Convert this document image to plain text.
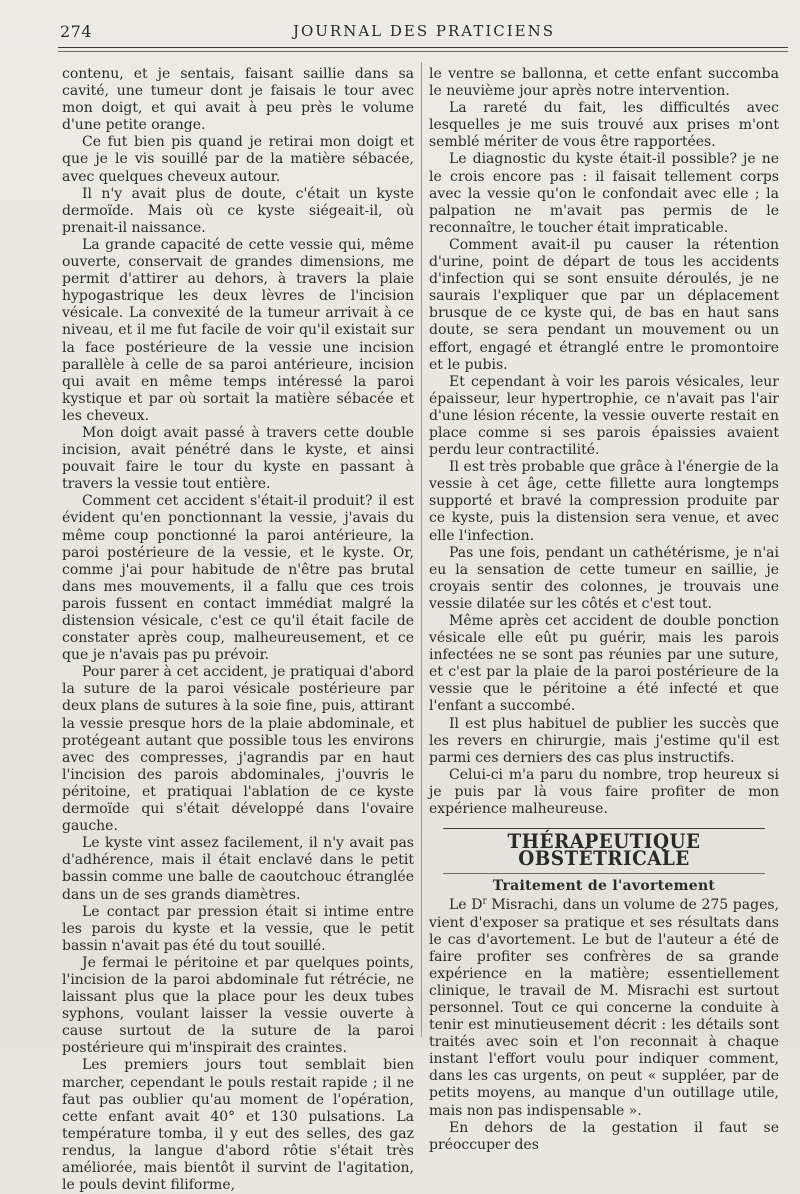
274	JOURNAL DES PRATICIENS

contenu, et je sentais, faisant saillie dans sa cavité, une tumeur dont je faisais le tour avec mon doigt, et qui avait à peu près le volume d'une petite orange.

Ce fut bien pis quand je retirai mon doigt et que je le vis souillé par de la matière sébacée, avec quelques cheveux autour.

Il n'y avait plus de doute, c'était un kyste dermoïde. Mais où ce kyste siégeait-il, où prenait-il naissance.

La grande capacité de cette vessie qui, même ouverte, conservait de grandes dimensions, me permit d'attirer au dehors, à travers la plaie hypogastrique les deux lèvres de l'incision vésicale. La convexité de la tumeur arrivait à ce niveau, et il me fut facile de voir qu'il existait sur la face postérieure de la vessie une incision parallèle à celle de sa paroi antérieure, incision qui avait en même temps intéressé la paroi kystique et par où sortait la matière sébacée et les cheveux.

Mon doigt avait passé à travers cette double incision, avait pénétré dans le kyste, et ainsi pouvait faire le tour du kyste en passant à travers la vessie tout entière.

Comment cet accident s'était-il produit? il est évident qu'en ponctionnant la vessie, j'avais du même coup ponctionné la paroi antérieure, la paroi postérieure de la vessie, et le kyste. Or, comme j'ai pour habitude de n'être pas brutal dans mes mouvements, il a fallu que ces trois parois fussent en contact immédiat malgré la distension vésicale, c'est ce qu'il était facile de constater après coup, malheureusement, et ce que je n'avais pas pu prévoir.

Pour parer à cet accident, je pratiquai d'abord la suture de la paroi vésicale postérieure par deux plans de sutures à la soie fine, puis, attirant la vessie presque hors de la plaie abdominale, et protégeant autant que possible tous les environs avec des compresses, j'agrandis par en haut l'incision des parois abdominales, j'ouvris le péritoine, et pratiquai l'ablation de ce kyste dermoïde qui s'était développé dans l'ovaire gauche.

Le kyste vint assez facilement, il n'y avait pas d'adhérence, mais il était enclavé dans le petit bassin comme une balle de caoutchouc étranglée dans un de ses grands diamètres.

Le contact par pression était si intime entre les parois du kyste et la vessie, que le petit bassin n'avait pas été du tout souillé.

Je fermai le péritoine et par quelques points, l'incision de la paroi abdominale fut rétrécie, ne laissant plus que la place pour les deux tubes syphons, voulant laisser la vessie ouverte à cause surtout de la suture de la paroi postérieure qui m'inspirait des craintes.

Les premiers jours tout semblait bien marcher, cependant le pouls restait rapide ; il ne faut pas oublier qu'au moment de l'opération, cette enfant avait 40° et 130 pulsations. La température tomba, il y eut des selles, des gaz rendus, la langue d'abord rôtie s'était très améliorée, mais bientôt il survint de l'agitation, le pouls devint filiforme,

le ventre se ballonna, et cette enfant succomba le neuvième jour après notre intervention.

La rareté du fait, les difficultés avec lesquelles je me suis trouvé aux prises m'ont semblé mériter de vous être rapportées.

Le diagnostic du kyste était-il possible? je ne le crois encore pas : il faisait tellement corps avec la vessie qu'on le confondait avec elle ; la palpation ne m'avait pas permis de le reconnaître, le toucher était impraticable.

Comment avait-il pu causer la rétention d'urine, point de départ de tous les accidents d'infection qui se sont ensuite déroulés, je ne saurais l'expliquer que par un déplacement brusque de ce kyste qui, de bas en haut sans doute, se sera pendant un mouvement ou un effort, engagé et étranglé entre le promontoire et le pubis.

Et cependant à voir les parois vésicales, leur épaisseur, leur hypertrophie, ce n'avait pas l'air d'une lésion récente, la vessie ouverte restait en place comme si ses parois épaissies avaient perdu leur contractilité.

Il est très probable que grâce à l'énergie de la vessie à cet âge, cette fillette aura longtemps supporté et bravé la compression produite par ce kyste, puis la distension sera venue, et avec elle l'infection.

Pas une fois, pendant un cathétérisme, je n'ai eu la sensation de cette tumeur en saillie, je croyais sentir des colonnes, je trouvais une vessie dilatée sur les côtés et c'est tout.

Même après cet accident de double ponction vésicale elle eût pu guérir, mais les parois infectées ne se sont pas réunies par une suture, et c'est par la plaie de la paroi postérieure de la vessie que le péritoine a été infecté et que l'enfant a succombé.

Il est plus habituel de publier les succès que les revers en chirurgie, mais j'estime qu'il est parmi ces derniers des cas plus instructifs.

Celui-ci m'a paru du nombre, trop heureux si je puis par là vous faire profiter de mon expérience malheureuse.

THÉRAPEUTIQUE OBSTÉTRICALE
Traitement de l'avortement

Le $D^r$ Misrachi, dans un volume de 275 pages, vient d'exposer sa pratique et ses résultats dans le cas d'avortement. Le but de l'auteur a été de faire profiter ses confrères de sa grande expérience en la matière; essentiellement clinique, le travail de M. Misrachi est surtout personnel. Tout ce qui concerne la conduite à tenir est minutieusement décrit : les détails sont traités avec soin et l'on reconnait à chaque instant l'effort voulu pour indiquer comment, dans les cas urgents, on peut « suppléer, par de petits moyens, au manque d'un outillage utile, mais non pas indispensable ».

En dehors de la gestation il faut se préoccuper des
